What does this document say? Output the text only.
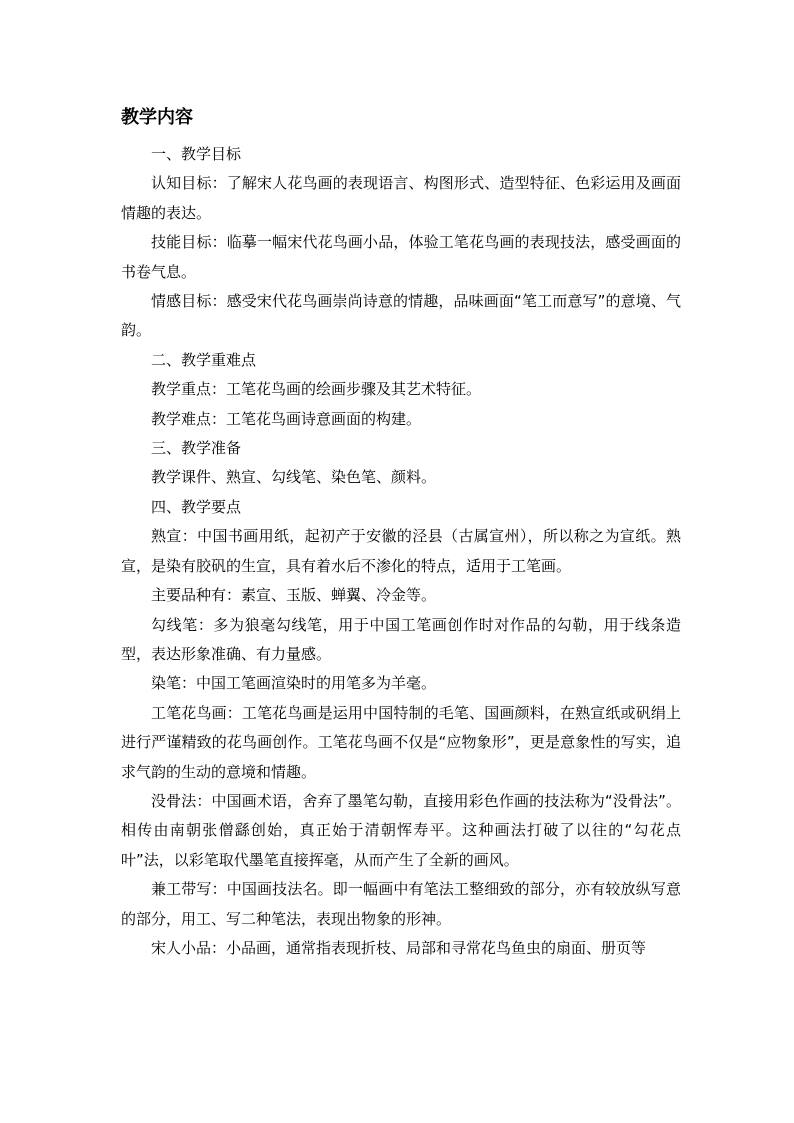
教学内容

一、教学目标

认知目标：了解宋人花鸟画的表现语言、构图形式、造型特征、色彩运用及画面情趣的表达。

技能目标：临摹一幅宋代花鸟画小品，体验工笔花鸟画的表现技法，感受画面的书卷气息。

情感目标：感受宋代花鸟画崇尚诗意的情趣，品味画面“笔工而意写”的意境、气韵。

二、教学重难点

教学重点：工笔花鸟画的绘画步骤及其艺术特征。

教学难点：工笔花鸟画诗意画面的构建。

三、教学准备

教学课件、熟宣、勾线笔、染色笔、颜料。

四、教学要点

熟宣：中国书画用纸，起初产于安徽的泾县（古属宣州），所以称之为宣纸。熟宣，是染有胶矾的生宣，具有着水后不渗化的特点，适用于工笔画。

主要品种有：素宣、玉版、蝉翼、冷金等。

勾线笔：多为狼毫勾线笔，用于中国工笔画创作时对作品的勾勒，用于线条造型，表达形象准确、有力量感。

染笔：中国工笔画渲染时的用笔多为羊毫。

工笔花鸟画：工笔花鸟画是运用中国特制的毛笔、国画颜料，在熟宣纸或矾绢上进行严谨精致的花鸟画创作。工笔花鸟画不仅是“应物象形”，更是意象性的写实，追求气韵的生动的意境和情趣。

没骨法：中国画术语，舍弃了墨笔勾勒，直接用彩色作画的技法称为“没骨法”。相传由南朝张僧繇创始，真正始于清朝恽寿平。这种画法打破了以往的“勾花点叶”法，以彩笔取代墨笔直接挥毫，从而产生了全新的画风。

兼工带写：中国画技法名。即一幅画中有笔法工整细致的部分，亦有较放纵写意的部分，用工、写二种笔法，表现出物象的形神。

宋人小品：小品画，通常指表现折枝、局部和寻常花鸟鱼虫的扇面、册页等
